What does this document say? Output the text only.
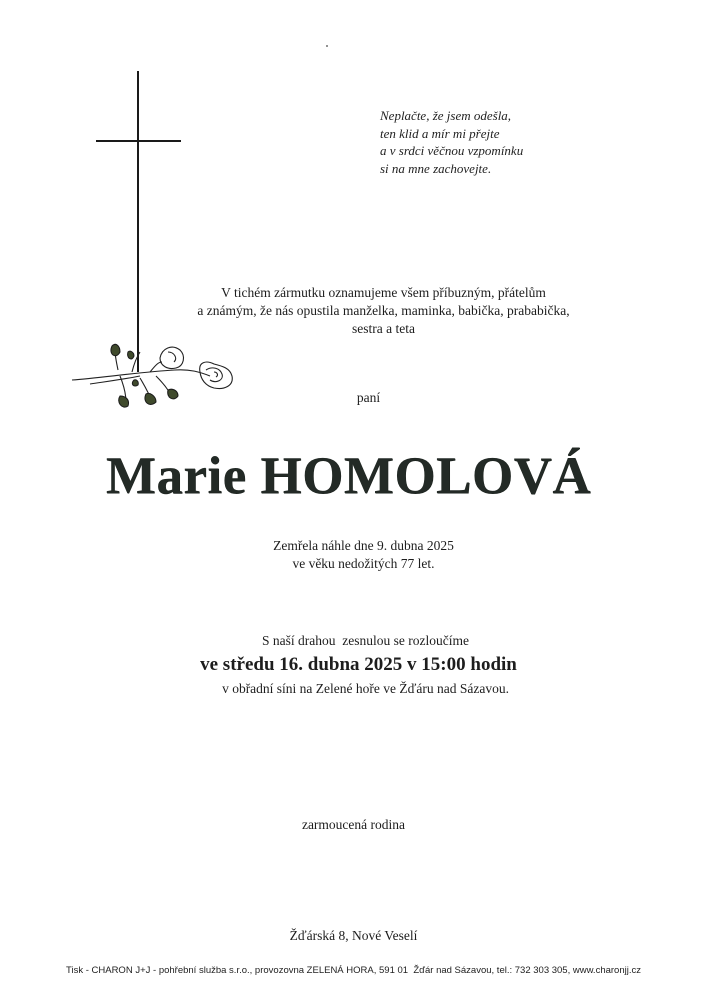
Neplačte, že jsem odešla,
ten klid a mír mi přejte
a v srdci věčnou vzpomínku
si na mne zachovejte.
V tichém zármutku oznamujeme všem příbuzným, přátelům
a známým, že nás opustila manželka, maminka, babička, prababička,
sestra a teta
paní
Marie HOMOLOVÁ
Zemřela náhle dne 9. dubna 2025
ve věku nedožitých 77 let.
S naší drahou  zesnulou se rozloučíme
ve středu 16. dubna 2025 v 15:00 hodin
v obřadní síni na Zelené hoře ve Žďáru nad Sázavou.
zarmoucená rodina
Žďárská 8, Nové Veselí
Tisk - CHARON J+J - pohřební služba s.r.o., provozovna ZELENÁ HORA, 591 01  Žďár nad Sázavou, tel.: 732 303 305, www.charonjj.cz
